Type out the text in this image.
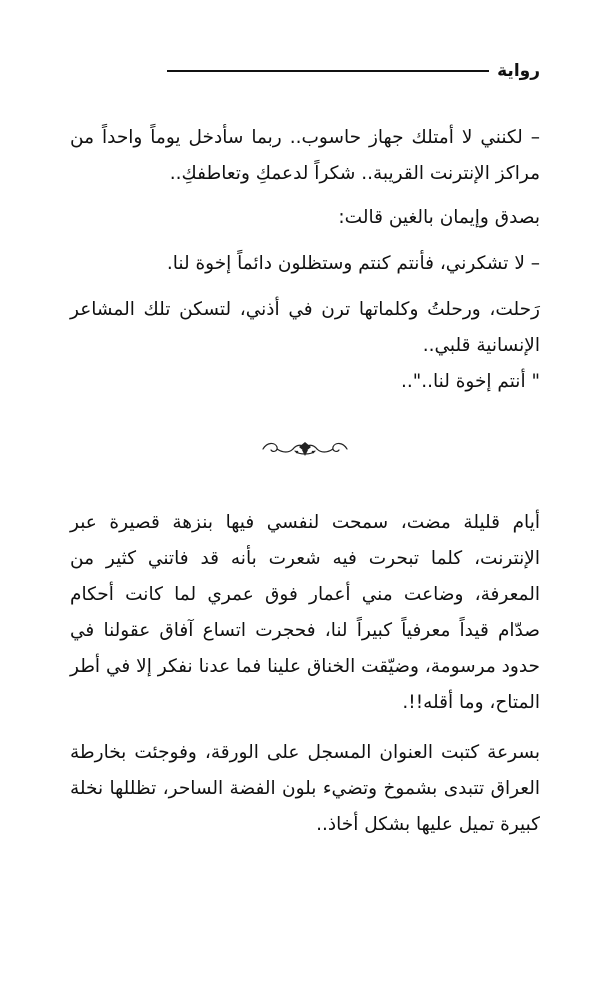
رواية

– لكنني لا أمتلك جهاز حاسوب.. ربما سأدخل يوماً واحداً من مراكز الإنترنت القريبة.. شكراً لدعمكِ وتعاطفكِ..

بصدق وإيمان بالغين قالت:

– لا تشكرني، فأنتم كنتم وستظلون دائماً إخوة لنا.

رَحلت، ورحلتُ وكلماتها ترن في أذني، لتسكن تلك المشاعر الإنسانية قلبي..

" أنتم إخوة لنا.."..

أيام قليلة مضت، سمحت لنفسي فيها بنزهة قصيرة عبر الإنترنت، كلما تبحرت فيه شعرت بأنه قد فاتني كثير من المعرفة، وضاعت مني أعمار فوق عمري لما كانت أحكام صدّام قيداً معرفياً كبيراً لنا، فحجرت اتساع آفاق عقولنا في حدود مرسومة، وضيّقت الخناق علينا فما عدنا نفكر إلا في أطر المتاح، وما أقله!!.

بسرعة كتبت العنوان المسجل على الورقة، وفوجئت بخارطة العراق تتبدى بشموخ وتضيء بلون الفضة الساحر، تظللها نخلة كبيرة تميل عليها بشكل أخاذ..
